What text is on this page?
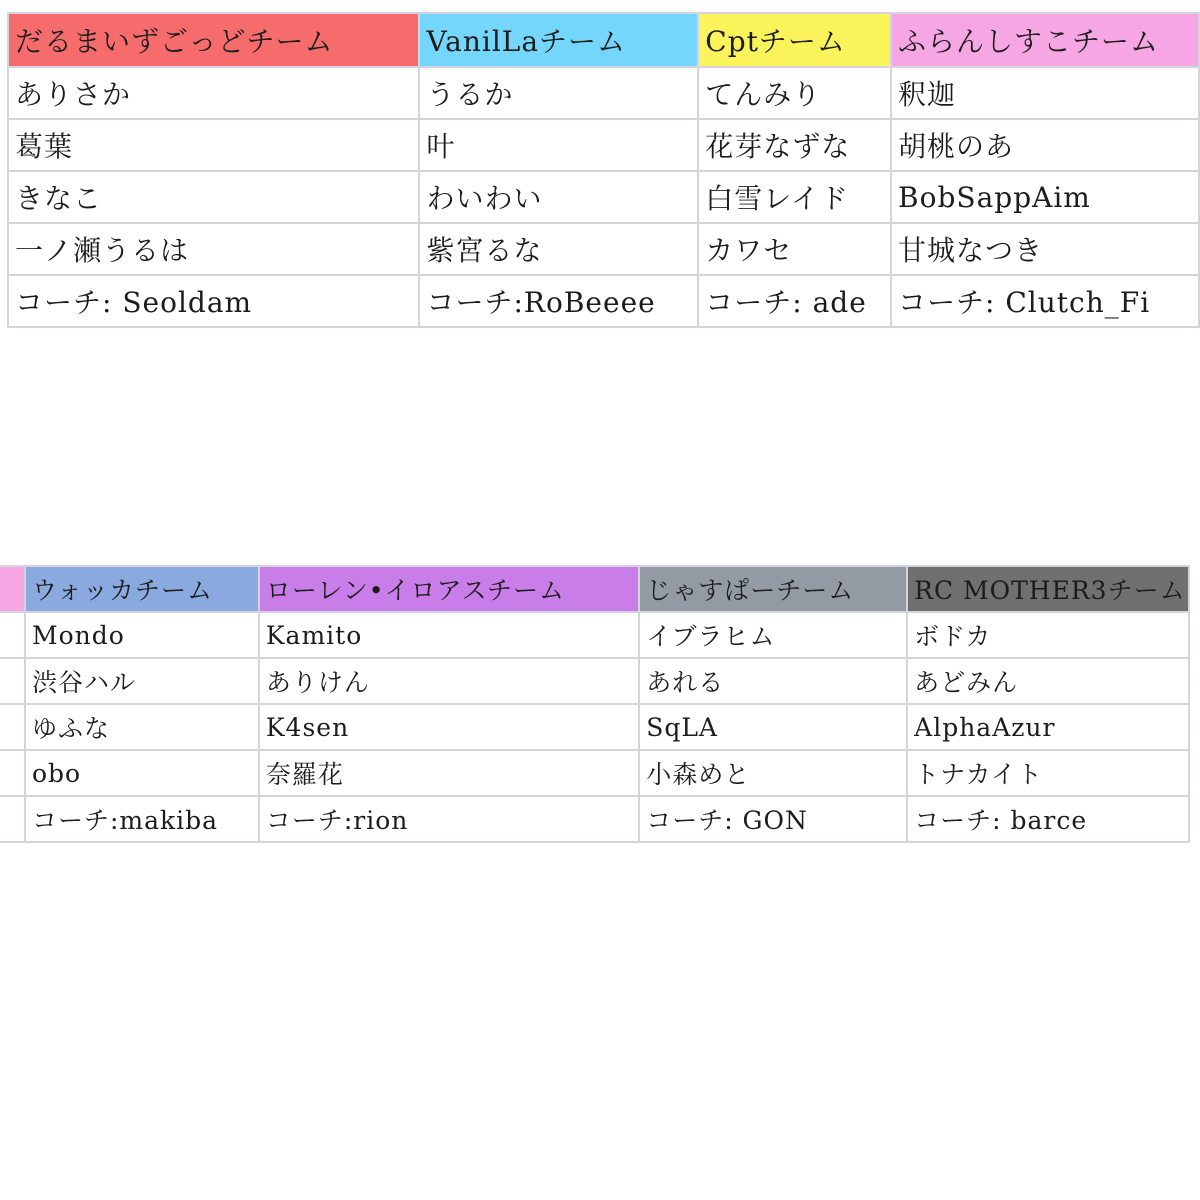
だるまいずごっどチーム	VanilLaチーム	Cptチーム	ふらんしすこチーム
ありさか	うるか	てんみり	釈迦
葛葉	叶	花芽なずな	胡桃のあ
きなこ	わいわい	白雪レイド	BobSappAim
一ノ瀬うるは	紫宮るな	カワセ	甘城なつき
コーチ: Seoldam	コーチ:RoBeeee	コーチ: ade	コーチ: Clutch_Fi
	ウォッカチーム	ローレン•イロアスチーム	じゃすぱーチーム	RC MOTHER3チーム
	Mondo	Kamito	イブラヒム	ボドカ
	渋谷ハル	ありけん	あれる	あどみん
	ゆふな	K4sen	SqLA	AlphaAzur
	obo	奈羅花	小森めと	トナカイト
	コーチ:makiba	コーチ:rion	コーチ: GON	コーチ: barce
